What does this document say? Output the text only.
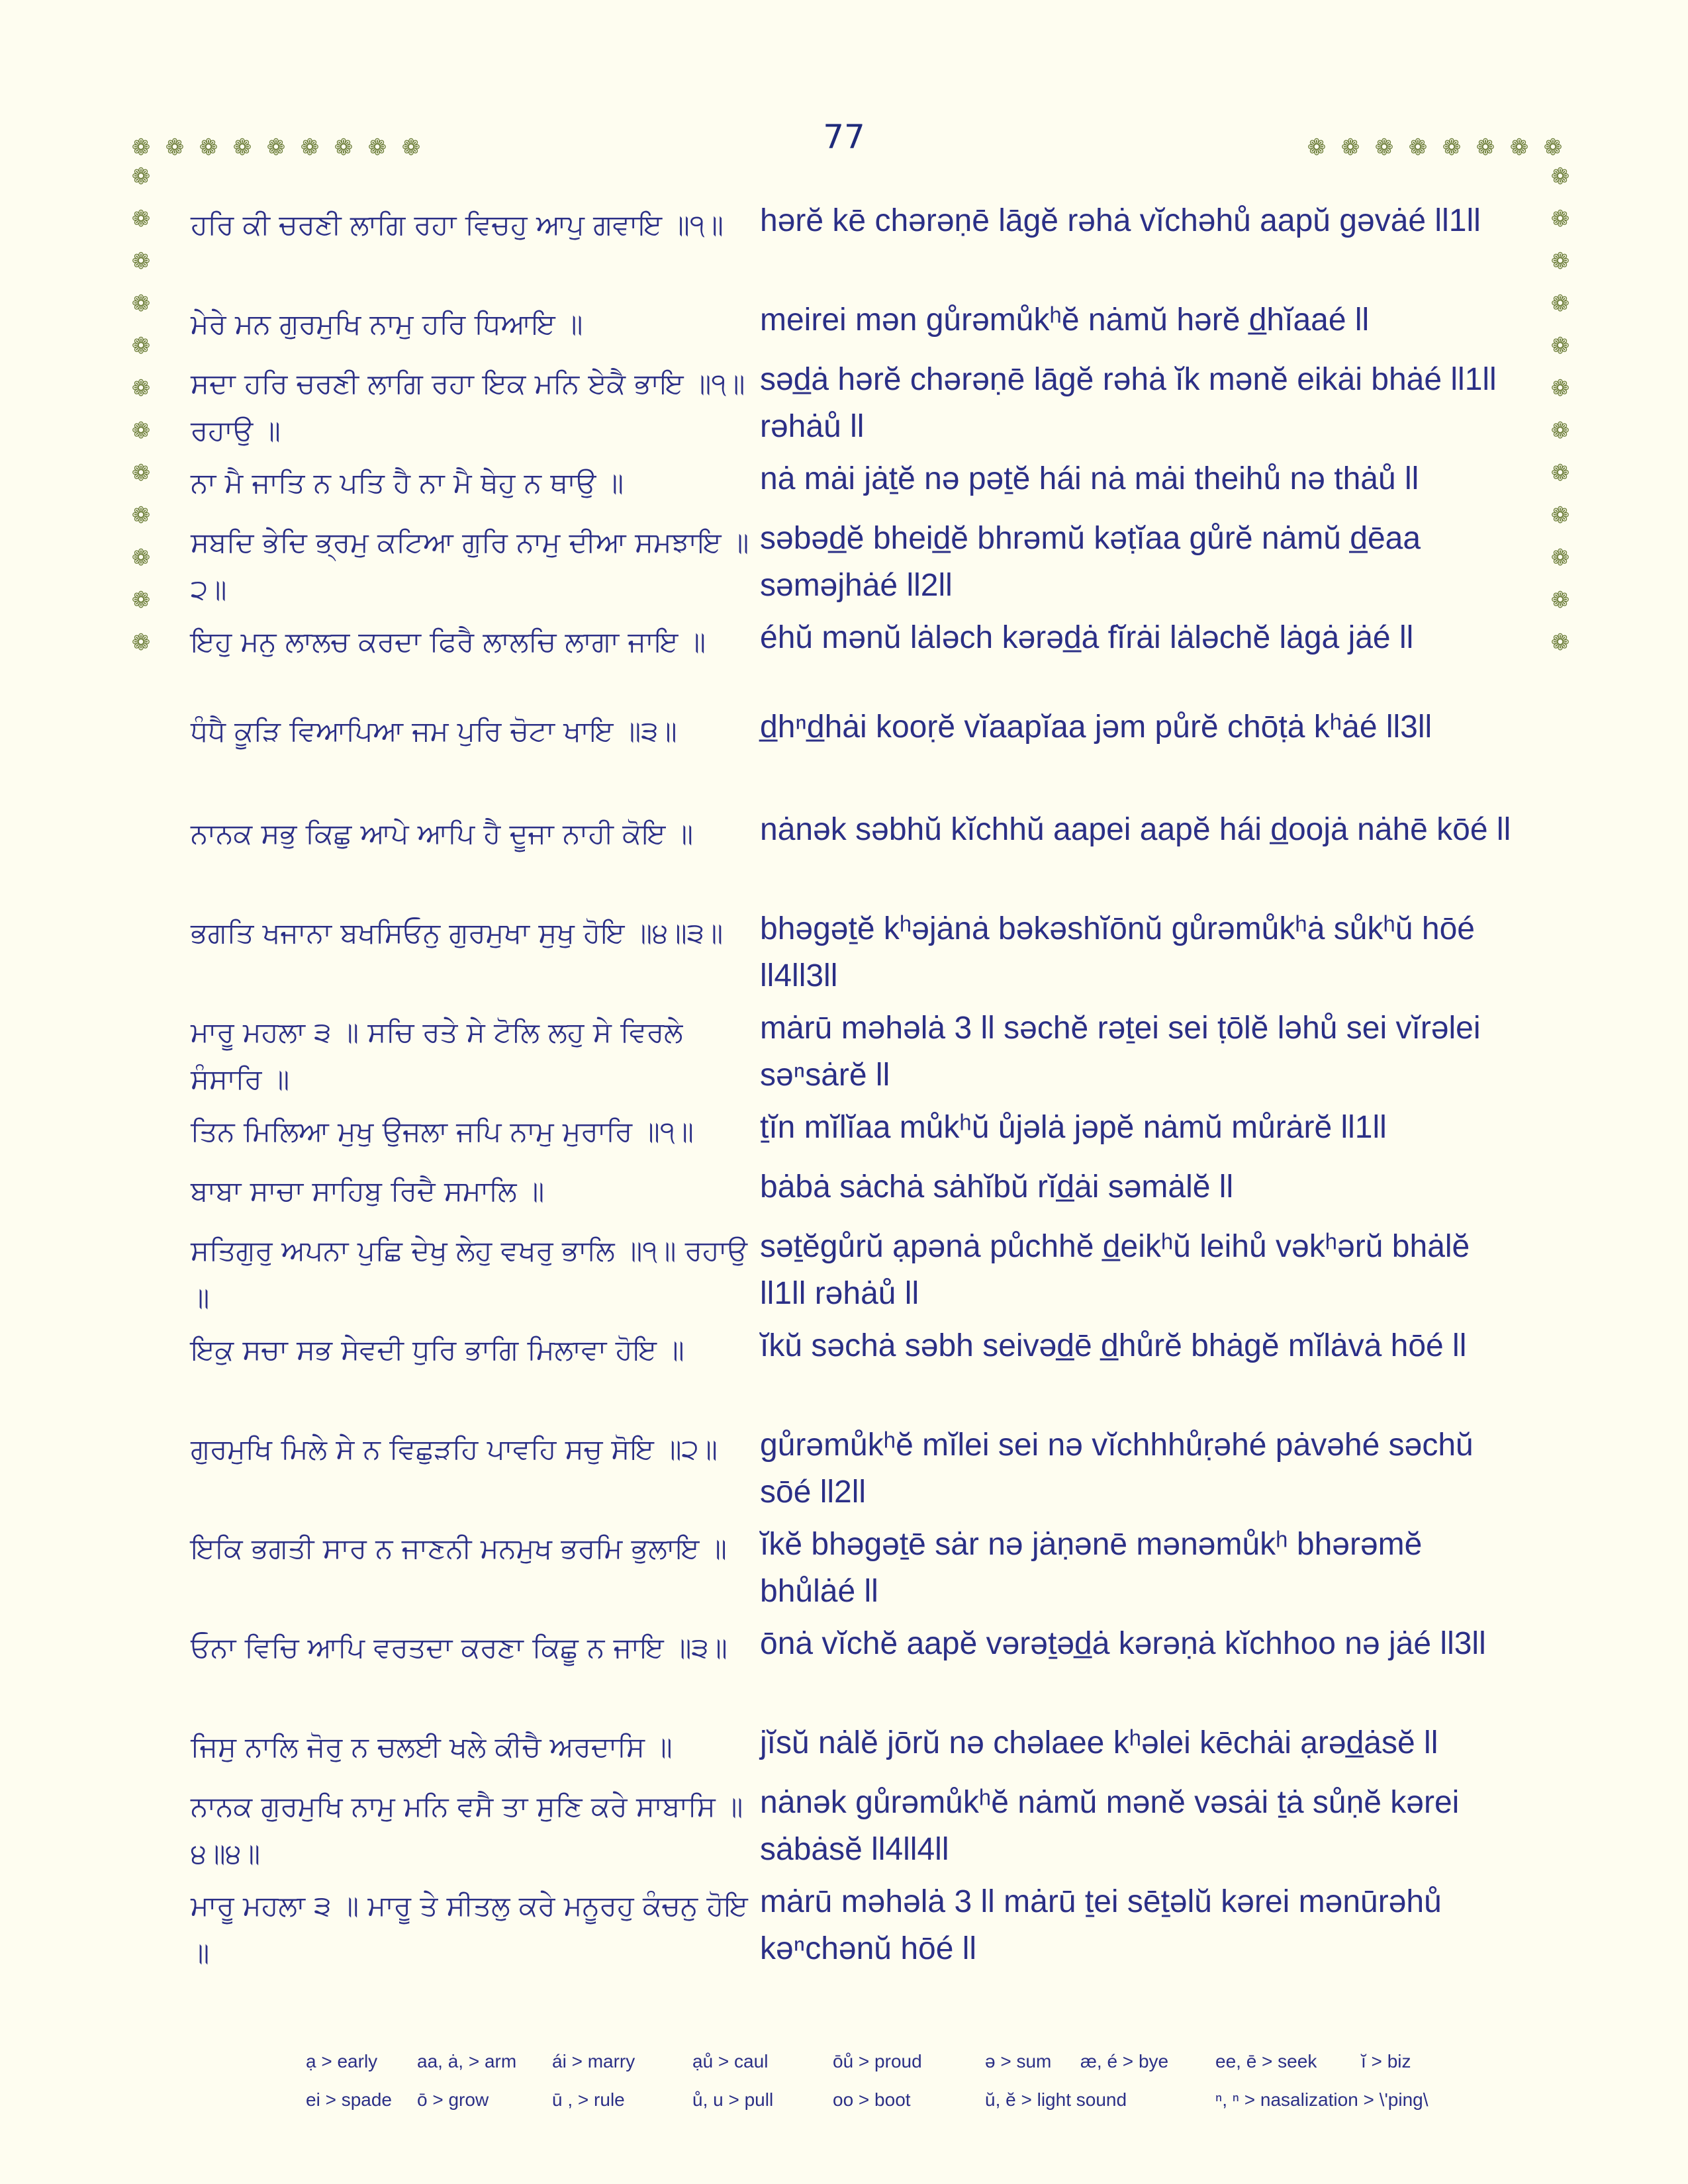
77
❁ ❁ ❁ ❁ ❁ ❁ ❁ ❁ ❁	❁ ❁ ❁ ❁ ❁ ❁ ❁ ❁
❁
❁
❁
❁
❁
❁
❁
❁
❁
❁
❁
❁
❁
❁
❁
❁
❁
❁
❁
❁
❁
❁
❁
❁
ਹਰਿ ਕੀ ਚਰਣੀ ਲਾਗਿ ਰਹਾ ਵਿਚਹੁ ਆਪੁ ਗਵਾਇ ॥੧॥	hərĕ kē chərəṇē lāgĕ rəhȧ vĭchəhů aapŭ gəvȧé ll1ll
ਮੇਰੇ ਮਨ ਗੁਰਮੁਖਿ ਨਾਮੁ ਹਰਿ ਧਿਆਇ ॥	meirei mən gůrəmůkʰĕ nȧmŭ hərĕ d̲hĭaaé ll
ਸਦਾ ਹਰਿ ਚਰਣੀ ਲਾਗਿ ਰਹਾ ਇਕ ਮਨਿ ਏਕੈ ਭਾਇ ॥੧॥ ਰਹਾਉ ॥
səd̲ȧ hərĕ chərəṇē lāgĕ rəhȧ ĭk mənĕ eikȧi bhȧé ll1ll rəhȧů ll
ਨਾ ਮੈ ਜਾਤਿ ਨ ਪਤਿ ਹੈ ਨਾ ਮੈ ਥੇਹੁ ਨ ਥਾਉ ॥	nȧ mȧi jȧṯĕ nə pəṯĕ hái nȧ mȧi theihů nə thȧů ll
ਸਬਦਿ ਭੇਦਿ ਭ੍ਰਮੁ ਕਟਿਆ ਗੁਰਿ ਨਾਮੁ ਦੀਆ ਸਮਝਾਇ ॥੨॥
səbəd̲ĕ bheid̲ĕ bhrəmŭ kəṭĭaa gůrĕ nȧmŭ d̲ēaa səməjhȧé ll2ll
ਇਹੁ ਮਨੁ ਲਾਲਚ ਕਰਦਾ ਫਿਰੈ ਲਾਲਚਿ ਲਾਗਾ ਜਾਇ ॥	éhŭ mənŭ lȧləch kərəd̲ȧ fĭrȧi lȧləchĕ lȧgȧ jȧé ll
ਧੰਧੈ ਕੂੜਿ ਵਿਆਪਿਆ ਜਮ ਪੁਰਿ ਚੋਟਾ ਖਾਇ ॥੩॥	d̲hⁿd̲hȧi kooṛĕ vĭaapĭaa jəm půrĕ chōṭȧ kʰȧé ll3ll
ਨਾਨਕ ਸਭੁ ਕਿਛੁ ਆਪੇ ਆਪਿ ਹੈ ਦੂਜਾ ਨਾਹੀ ਕੋਇ ॥	nȧnək səbhŭ kĭchhŭ aapei aapĕ hái d̲oojȧ nȧhē kōé ll
ਭਗਤਿ ਖਜਾਨਾ ਬਖਸਿਓਨੁ ਗੁਰਮੁਖਾ ਸੁਖੁ ਹੋਇ ॥੪॥੩॥	bhəgəṯĕ kʰəjȧnȧ bəkəshĭōnŭ gůrəmůkʰȧ sůkʰŭ hōé ll4ll3ll
ਮਾਰੂ ਮਹਲਾ ੩ ॥ ਸਚਿ ਰਤੇ ਸੇ ਟੋਲਿ ਲਹੁ ਸੇ ਵਿਰਲੇ ਸੰਸਾਰਿ ॥
mȧrū məhəlȧ 3 ll səchĕ rəṯei sei ṭōlĕ ləhů sei vĭrəlei səⁿsȧrĕ ll
ਤਿਨ ਮਿਲਿਆ ਮੁਖੁ ਉਜਲਾ ਜਪਿ ਨਾਮੁ ਮੁਰਾਰਿ ॥੧॥	ṯĭn mĭlĭaa můkʰŭ ůjəlȧ jəpĕ nȧmŭ můrȧrĕ ll1ll
ਬਾਬਾ ਸਾਚਾ ਸਾਹਿਬੁ ਰਿਦੈ ਸਮਾਲਿ ॥	bȧbȧ sȧchȧ sȧhĭbŭ rĭd̲ȧi səmȧlĕ ll
ਸਤਿਗੁਰੁ ਅਪਨਾ ਪੁਛਿ ਦੇਖੁ ਲੇਹੁ ਵਖਰੁ ਭਾਲਿ ॥੧॥ ਰਹਾਉ ॥
səṯĕgůrŭ ạpənȧ půchhĕ d̲eikʰŭ leihů vəkʰərŭ bhȧlĕ ll1ll rəhȧů ll
ਇਕੁ ਸਚਾ ਸਭ ਸੇਵਦੀ ਧੁਰਿ ਭਾਗਿ ਮਿਲਾਵਾ ਹੋਇ ॥	ĭkŭ səchȧ səbh seivəd̲ē d̲hůrĕ bhȧgĕ mĭlȧvȧ hōé ll
ਗੁਰਮੁਖਿ ਮਿਲੇ ਸੇ ਨ ਵਿਛੁੜਹਿ ਪਾਵਹਿ ਸਚੁ ਸੋਇ ॥੨॥	gůrəmůkʰĕ mĭlei sei nə vĭchhhůṛəhé pȧvəhé səchŭ sōé ll2ll
ਇਕਿ ਭਗਤੀ ਸਾਰ ਨ ਜਾਣਨੀ ਮਨਮੁਖ ਭਰਮਿ ਭੁਲਾਇ ॥	ĭkĕ bhəgəṯē sȧr nə jȧṇənē mənəmůkʰ bhərəmĕ bhůlȧé ll
ਓਨਾ ਵਿਚਿ ਆਪਿ ਵਰਤਦਾ ਕਰਣਾ ਕਿਛੂ ਨ ਜਾਇ ॥੩॥	ōnȧ vĭchĕ aapĕ vərəṯəd̲ȧ kərəṇȧ kĭchhoo nə jȧé ll3ll
ਜਿਸੁ ਨਾਲਿ ਜੋਰੁ ਨ ਚਲਈ ਖਲੇ ਕੀਚੈ ਅਰਦਾਸਿ ॥	jĭsŭ nȧlĕ jōrŭ nə chəlaee kʰəlei kēchȧi ạrəd̲ȧsĕ ll
ਨਾਨਕ ਗੁਰਮੁਖਿ ਨਾਮੁ ਮਨਿ ਵਸੈ ਤਾ ਸੁਣਿ ਕਰੇ ਸਾਬਾਸਿ ॥੪॥੪॥
nȧnək gůrəmůkʰĕ nȧmŭ mənĕ vəsȧi ṯȧ sůṇĕ kərei sȧbȧsĕ ll4ll4ll
ਮਾਰੂ ਮਹਲਾ ੩ ॥ ਮਾਰੂ ਤੇ ਸੀਤਲੁ ਕਰੇ ਮਨੂਰਹੁ ਕੰਚਨੁ ਹੋਇ ॥
mȧrū məhəlȧ 3 ll mȧrū ṯei sēṯəlŭ kərei mənūrəhů kəⁿchənŭ hōé ll
ạ > early	aa, ȧ, > arm	ái > marry	ạů > caul	ōů > proud	ə > sum	æ, é > bye	ee, ē > seek	ĭ > biz
ei > spade	ō > grow	ū , > rule	ů, u > pull	oo > boot	ŭ, ĕ > light sound	ⁿ, ⁿ > nasalization > \'ping\
